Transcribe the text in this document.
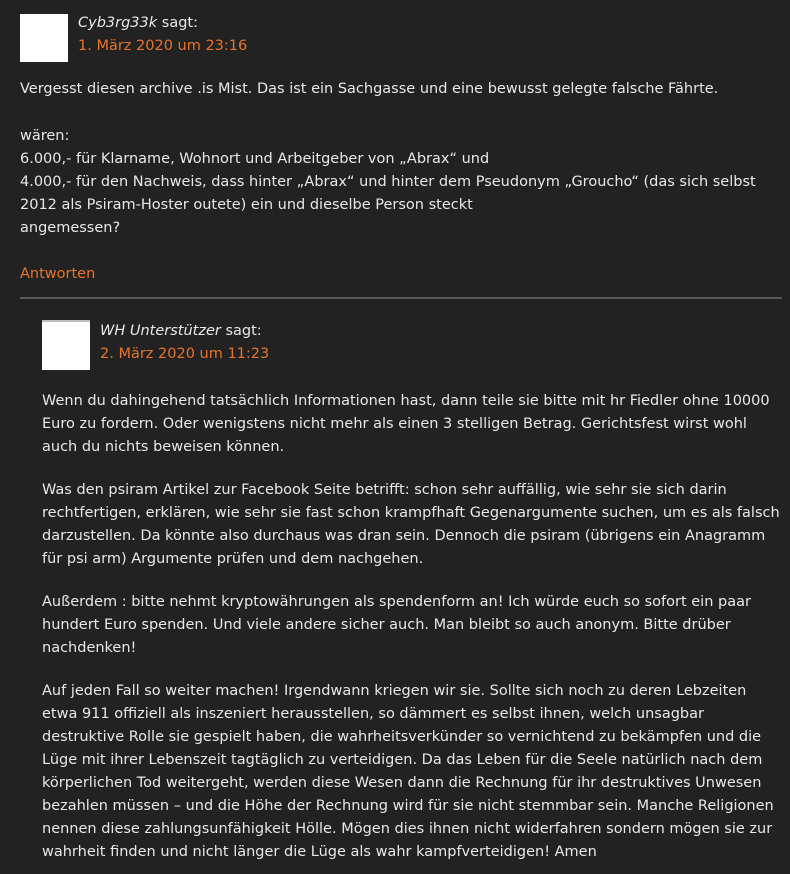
Cyb3rg33k sagt:
1. März 2020 um 23:16
Vergesst diesen archive .is Mist. Das ist ein Sachgasse und eine bewusst gelegte falsche Fährte.
wären:
6.000,- für Klarname, Wohnort und Arbeitgeber von „Abrax“ und
4.000,- für den Nachweis, dass hinter „Abrax“ und hinter dem Pseudonym „Groucho“ (das sich selbst
2012 als Psiram-Hoster outete) ein und dieselbe Person steckt
angemessen?
Antworten
WH Unterstützer sagt:
2. März 2020 um 11:23
Wenn du dahingehend tatsächlich Informationen hast, dann teile sie bitte mit hr Fiedler ohne 10000
Euro zu fordern. Oder wenigstens nicht mehr als einen 3 stelligen Betrag. Gerichtsfest wirst wohl
auch du nichts beweisen können.
Was den psiram Artikel zur Facebook Seite betrifft: schon sehr auffällig, wie sehr sie sich darin
rechtfertigen, erklären, wie sehr sie fast schon krampfhaft Gegenargumente suchen, um es als falsch
darzustellen. Da könnte also durchaus was dran sein. Dennoch die psiram (übrigens ein Anagramm
für psi arm) Argumente prüfen und dem nachgehen.
Außerdem : bitte nehmt kryptowährungen als spendenform an! Ich würde euch so sofort ein paar
hundert Euro spenden. Und viele andere sicher auch. Man bleibt so auch anonym. Bitte drüber
nachdenken!
Auf jeden Fall so weiter machen! Irgendwann kriegen wir sie. Sollte sich noch zu deren Lebzeiten
etwa 911 offiziell als inszeniert herausstellen, so dämmert es selbst ihnen, welch unsagbar
destruktive Rolle sie gespielt haben, die wahrheitsverkünder so vernichtend zu bekämpfen und die
Lüge mit ihrer Lebenszeit tagtäglich zu verteidigen. Da das Leben für die Seele natürlich nach dem
körperlichen Tod weitergeht, werden diese Wesen dann die Rechnung für ihr destruktives Unwesen
bezahlen müssen – und die Höhe der Rechnung wird für sie nicht stemmbar sein. Manche Religionen
nennen diese zahlungsunfähigkeit Hölle. Mögen dies ihnen nicht widerfahren sondern mögen sie zur
wahrheit finden und nicht länger die Lüge als wahr kampfverteidigen! Amen
